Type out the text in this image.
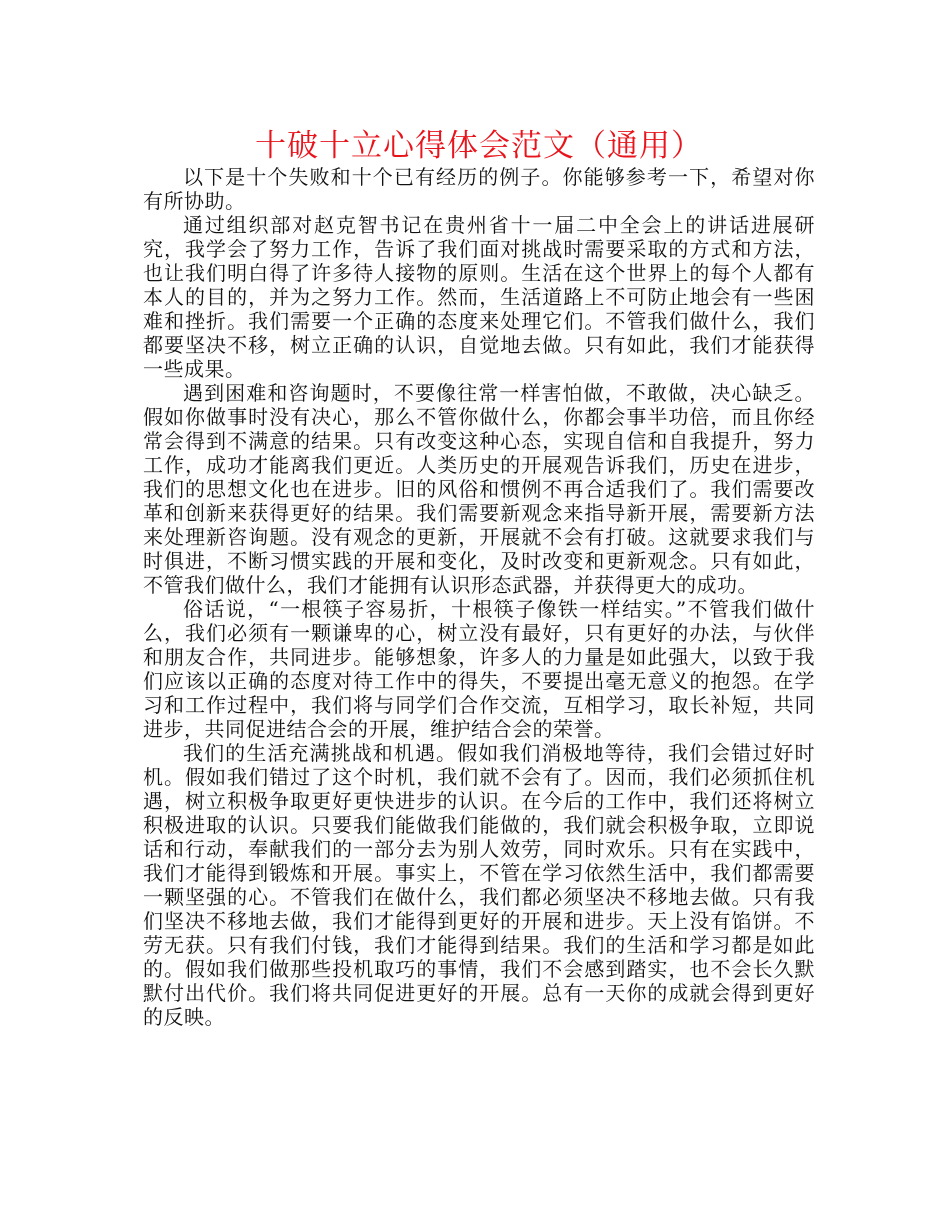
十破十立心得体会范文（通用）

以下是十个失败和十个已有经历的例子。你能够参考一下，希望对你有所协助。

通过组织部对赵克智书记在贵州省十一届二中全会上的讲话进展研究，我学会了努力工作，告诉了我们面对挑战时需要采取的方式和方法，也让我们明白得了许多待人接物的原则。生活在这个世界上的每个人都有本人的目的，并为之努力工作。然而，生活道路上不可防止地会有一些困难和挫折。我们需要一个正确的态度来处理它们。不管我们做什么，我们都要坚决不移，树立正确的认识，自觉地去做。只有如此，我们才能获得一些成果。

遇到困难和咨询题时，不要像往常一样害怕做，不敢做，决心缺乏。假如你做事时没有决心，那么不管你做什么，你都会事半功倍，而且你经常会得到不满意的结果。只有改变这种心态，实现自信和自我提升，努力工作，成功才能离我们更近。人类历史的开展观告诉我们，历史在进步，我们的思想文化也在进步。旧的风俗和惯例不再合适我们了。我们需要改革和创新来获得更好的结果。我们需要新观念来指导新开展，需要新方法来处理新咨询题。没有观念的更新，开展就不会有打破。这就要求我们与时俱进，不断习惯实践的开展和变化，及时改变和更新观念。只有如此，不管我们做什么，我们才能拥有认识形态武器，并获得更大的成功。

俗话说，“一根筷子容易折，十根筷子像铁一样结实。”不管我们做什么，我们必须有一颗谦卑的心，树立没有最好，只有更好的办法，与伙伴和朋友合作，共同进步。能够想象，许多人的力量是如此强大，以致于我们应该以正确的态度对待工作中的得失，不要提出毫无意义的抱怨。在学习和工作过程中，我们将与同学们合作交流，互相学习，取长补短，共同进步，共同促进结合会的开展，维护结合会的荣誉。

我们的生活充满挑战和机遇。假如我们消极地等待，我们会错过好时机。假如我们错过了这个时机，我们就不会有了。因而，我们必须抓住机遇，树立积极争取更好更快进步的认识。在今后的工作中，我们还将树立积极进取的认识。只要我们能做我们能做的，我们就会积极争取，立即说话和行动，奉献我们的一部分去为别人效劳，同时欢乐。只有在实践中，我们才能得到锻炼和开展。事实上，不管在学习依然生活中，我们都需要一颗坚强的心。不管我们在做什么，我们都必须坚决不移地去做。只有我们坚决不移地去做，我们才能得到更好的开展和进步。天上没有馅饼。不劳无获。只有我们付钱，我们才能得到结果。我们的生活和学习都是如此的。假如我们做那些投机取巧的事情，我们不会感到踏实，也不会长久默默付出代价。我们将共同促进更好的开展。总有一天你的成就会得到更好的反映。
